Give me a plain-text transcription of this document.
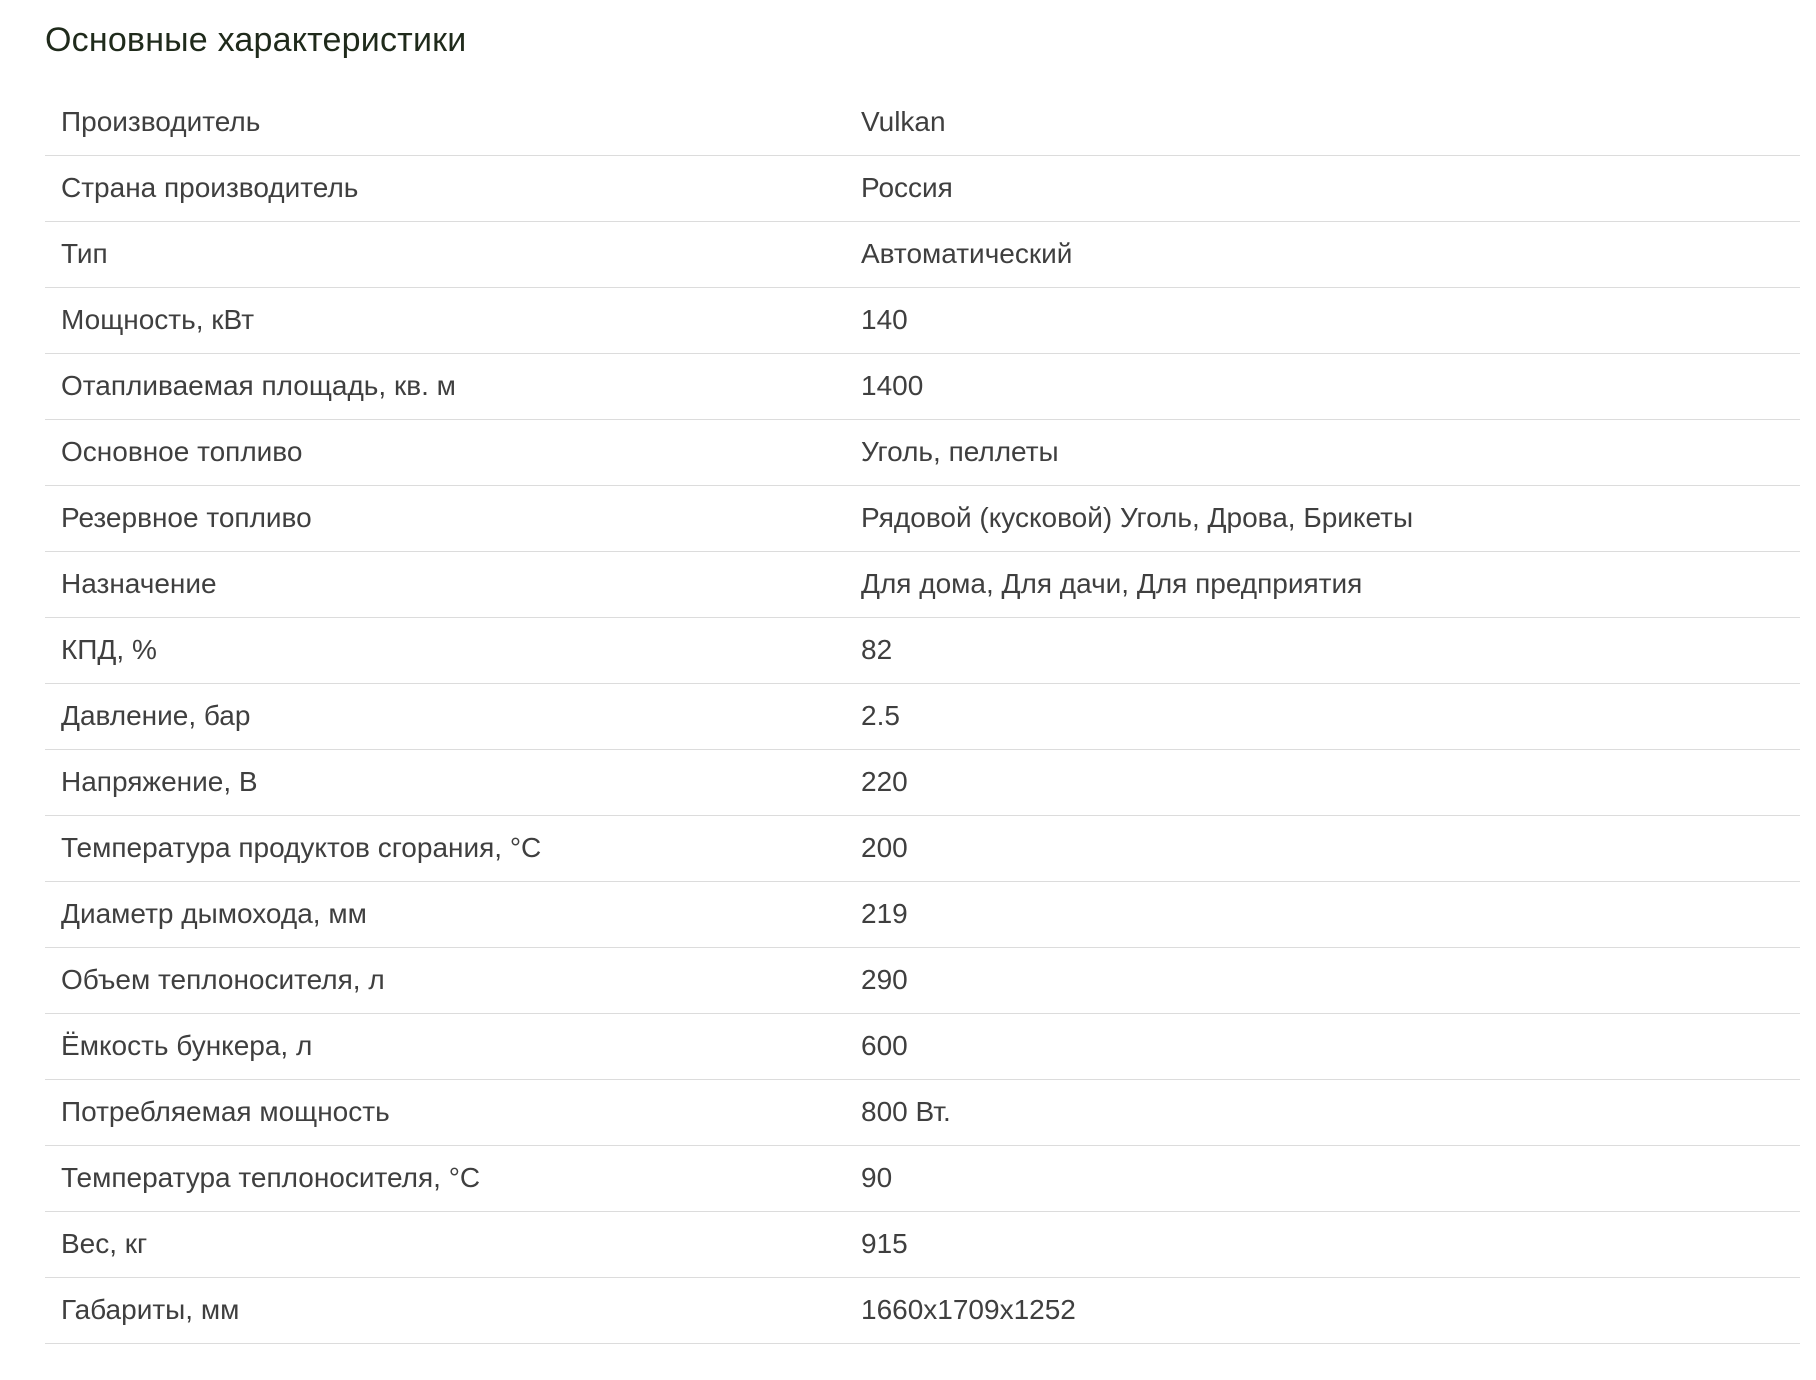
Основные характеристики
Производитель	Vulkan
Страна производитель	Россия
Тип	Автоматический
Мощность, кВт	140
Отапливаемая площадь, кв. м	1400
Основное топливо	Уголь, пеллеты
Резервное топливо	Рядовой (кусковой) Уголь, Дрова, Брикеты
Назначение	Для дома, Для дачи, Для предприятия
КПД, %	82
Давление, бар	2.5
Напряжение, В	220
Температура продуктов сгорания, °С	200
Диаметр дымохода, мм	219
Объем теплоносителя, л	290
Ёмкость бункера, л	600
Потребляемая мощность	800 Вт.
Температура теплоносителя, °С	90
Вес, кг	915
Габариты, мм	1660x1709x1252
